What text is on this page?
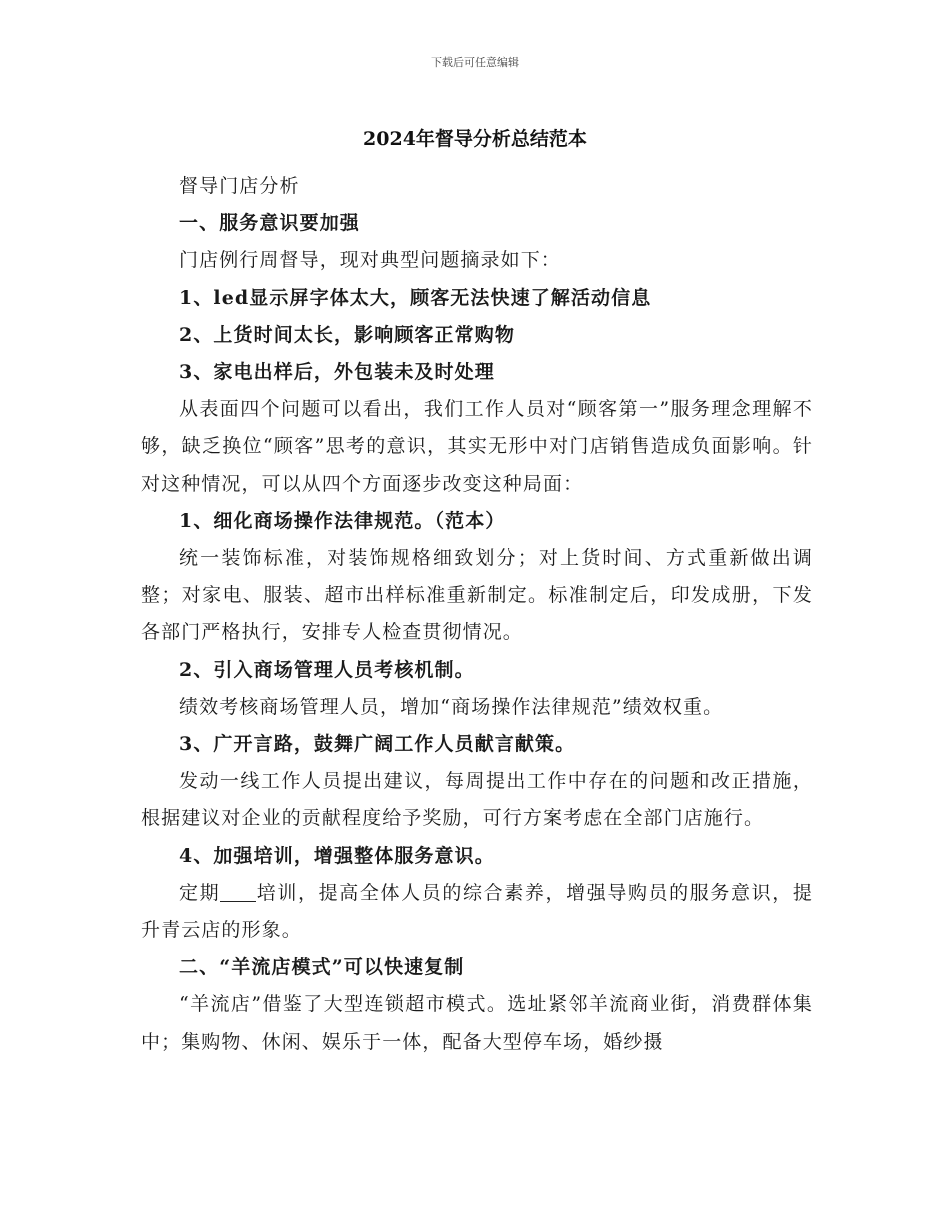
下载后可任意编辑
2024年督导分析总结范本

督导门店分析

一、服务意识要加强

门店例行周督导，现对典型问题摘录如下：

1、led显示屏字体太大，顾客无法快速了解活动信息

2、上货时间太长，影响顾客正常购物

3、家电出样后，外包装未及时处理

从表面四个问题可以看出，我们工作人员对“顾客第一”服务理念理解不够，缺乏换位“顾客”思考的意识，其实无形中对门店销售造成负面影响。针对这种情况，可以从四个方面逐步改变这种局面：

1、细化商场操作法律规范。（范本）

统一装饰标准，对装饰规格细致划分；对上货时间、方式重新做出调整；对家电、服装、超市出样标准重新制定。标准制定后，印发成册，下发各部门严格执行，安排专人检查贯彻情况。

2、引入商场管理人员考核机制。

绩效考核商场管理人员，增加“商场操作法律规范”绩效权重。

3、广开言路，鼓舞广阔工作人员献言献策。

发动一线工作人员提出建议，每周提出工作中存在的问题和改正措施，根据建议对企业的贡献程度给予奖励，可行方案考虑在全部门店施行。

4、加强培训，增强整体服务意识。

定期 培训，提高全体人员的综合素养，增强导购员的服务意识，提升青云店的形象。

二、“羊流店模式”可以快速复制

“羊流店”借鉴了大型连锁超市模式。选址紧邻羊流商业街，消费群体集中；集购物、休闲、娱乐于一体，配备大型停车场，婚纱摄
